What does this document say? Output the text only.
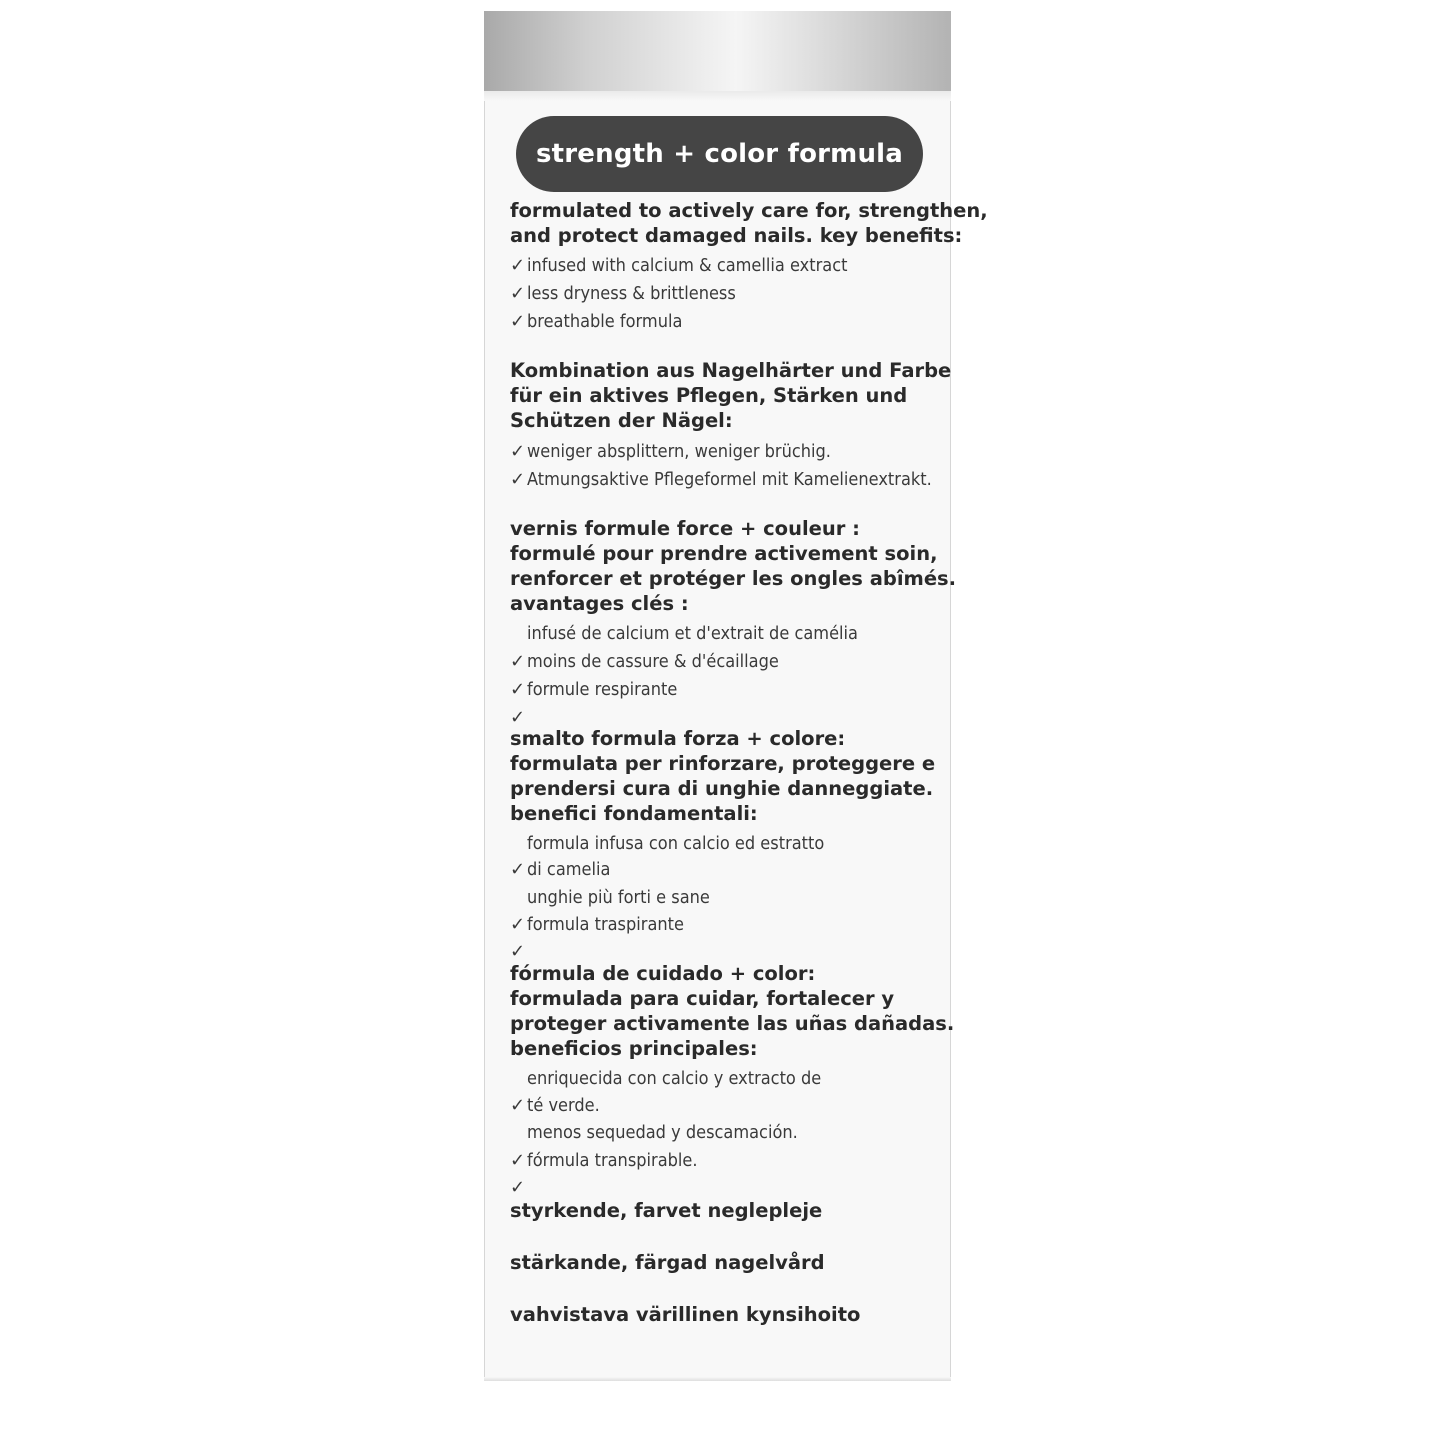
strength + color formula
formulated to actively care for, strengthen,
and protect damaged nails. key benefits:
✓ infused with calcium & camellia extract
✓ less dryness & brittleness
✓ breathable formula
Kombination aus Nagelhärter und Farbe
für ein aktives Pflegen, Stärken und
Schützen der Nägel:
✓ weniger absplittern, weniger brüchig.
✓ Atmungsaktive Pflegeformel mit Kamelienextrakt.
vernis formule force + couleur :
formulé pour prendre activement soin,
renforcer et protéger les ongles abîmés.
avantages clés :
infusé de calcium et d'extrait de camélia
✓ moins de cassure & d'écaillage
✓ formule respirante
✓
smalto formula forza + colore:
formulata per rinforzare, proteggere e
prendersi cura di unghie danneggiate.
benefici fondamentali:
formula infusa con calcio ed estratto
✓ di camelia
unghie più forti e sane
✓ formula traspirante
✓
fórmula de cuidado + color:
formulada para cuidar, fortalecer y
proteger activamente las uñas dañadas.
beneficios principales:
enriquecida con calcio y extracto de
✓ té verde.
menos sequedad y descamación.
✓ fórmula transpirable.
✓
styrkende, farvet neglepleje
stärkande, färgad nagelvård
vahvistava värillinen kynsihoito
